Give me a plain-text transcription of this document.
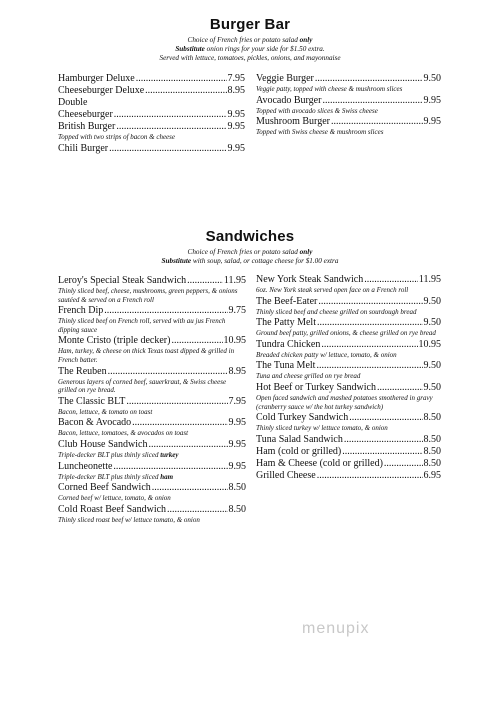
Burger Bar
Choice of French fries or potato salad only
Substitute onion rings for your side for $1.50 extra.
Served with lettuce, tomatoes, pickles, onions, and mayonnaise
Hamburger Deluxe .....	7.95
Cheeseburger Deluxe .....	8.95
Double
Cheeseburger .....	9.95
British Burger .....	9.95
Topped with two strips of bacon & cheese
Chili Burger .....	9.95
Veggie Burger .....	9.50
Veggie patty, topped with cheese & mushroom slices
Avocado Burger .....	9.95
Topped with avocado slices & Swiss cheese
Mushroom Burger .....	9.95
Topped with Swiss cheese & mushroom slices
Sandwiches
Choice of French fries or potato salad only
Substitute with soup, salad, or cottage cheese for $1.00 extra
Leroy's Special Steak Sandwich .....	11.95
Thinly sliced beef, cheese, mushrooms, green peppers, & onions sautéed & served on a French roll
French Dip .....	9.75
Thinly sliced beef on French roll, served with au jus French dipping sauce
Monte Cristo (triple decker) .....	10.95
Ham, turkey, & cheese on thick Texas toast dipped & grilled in French batter.
The Reuben .....	8.95
Generous layers of corned beef, sauerkraut, & Swiss cheese grilled on rye bread.
The Classic BLT .....	7.95
Bacon, lettuce, & tomato on toast
Bacon & Avocado .....	9.95
Bacon, lettuce, tomatoes, & avocados on toast
Club House Sandwich .....	9.95
Triple-decker BLT plus thinly sliced turkey
Luncheonette .....	9.95
Triple-decker BLT plus thinly sliced ham
Corned Beef Sandwich .....	8.50
Corned beef w/ lettuce, tomato, & onion
Cold Roast Beef Sandwich .....	8.50
Thinly sliced roast beef w/ lettuce tomato, & onion
New York Steak Sandwich .....	11.95
6oz. New York steak served open face on a French roll
The Beef-Eater .....	9.50
Thinly sliced beef and cheese grilled on sourdough bread
The Patty Melt .....	9.50
Ground beef patty, grilled onions, & cheese grilled on rye bread
Tundra Chicken .....	10.95
Breaded chicken patty w/ lettuce, tomato, & onion
The Tuna Melt .....	9.50
Tuna and cheese grilled on rye bread
Hot Beef or Turkey Sandwich .....	9.50
Open faced sandwich and mashed potatoes smothered in gravy (cranberry sauce w/ the hot turkey sandwich)
Cold Turkey Sandwich .....	8.50
Thinly sliced turkey w/ lettuce tomato, & onion
Tuna Salad Sandwich .....	8.50
Ham (cold or grilled) .....	8.50
Ham & Cheese (cold or grilled) .....	8.50
Grilled Cheese .....	6.95
menupix
